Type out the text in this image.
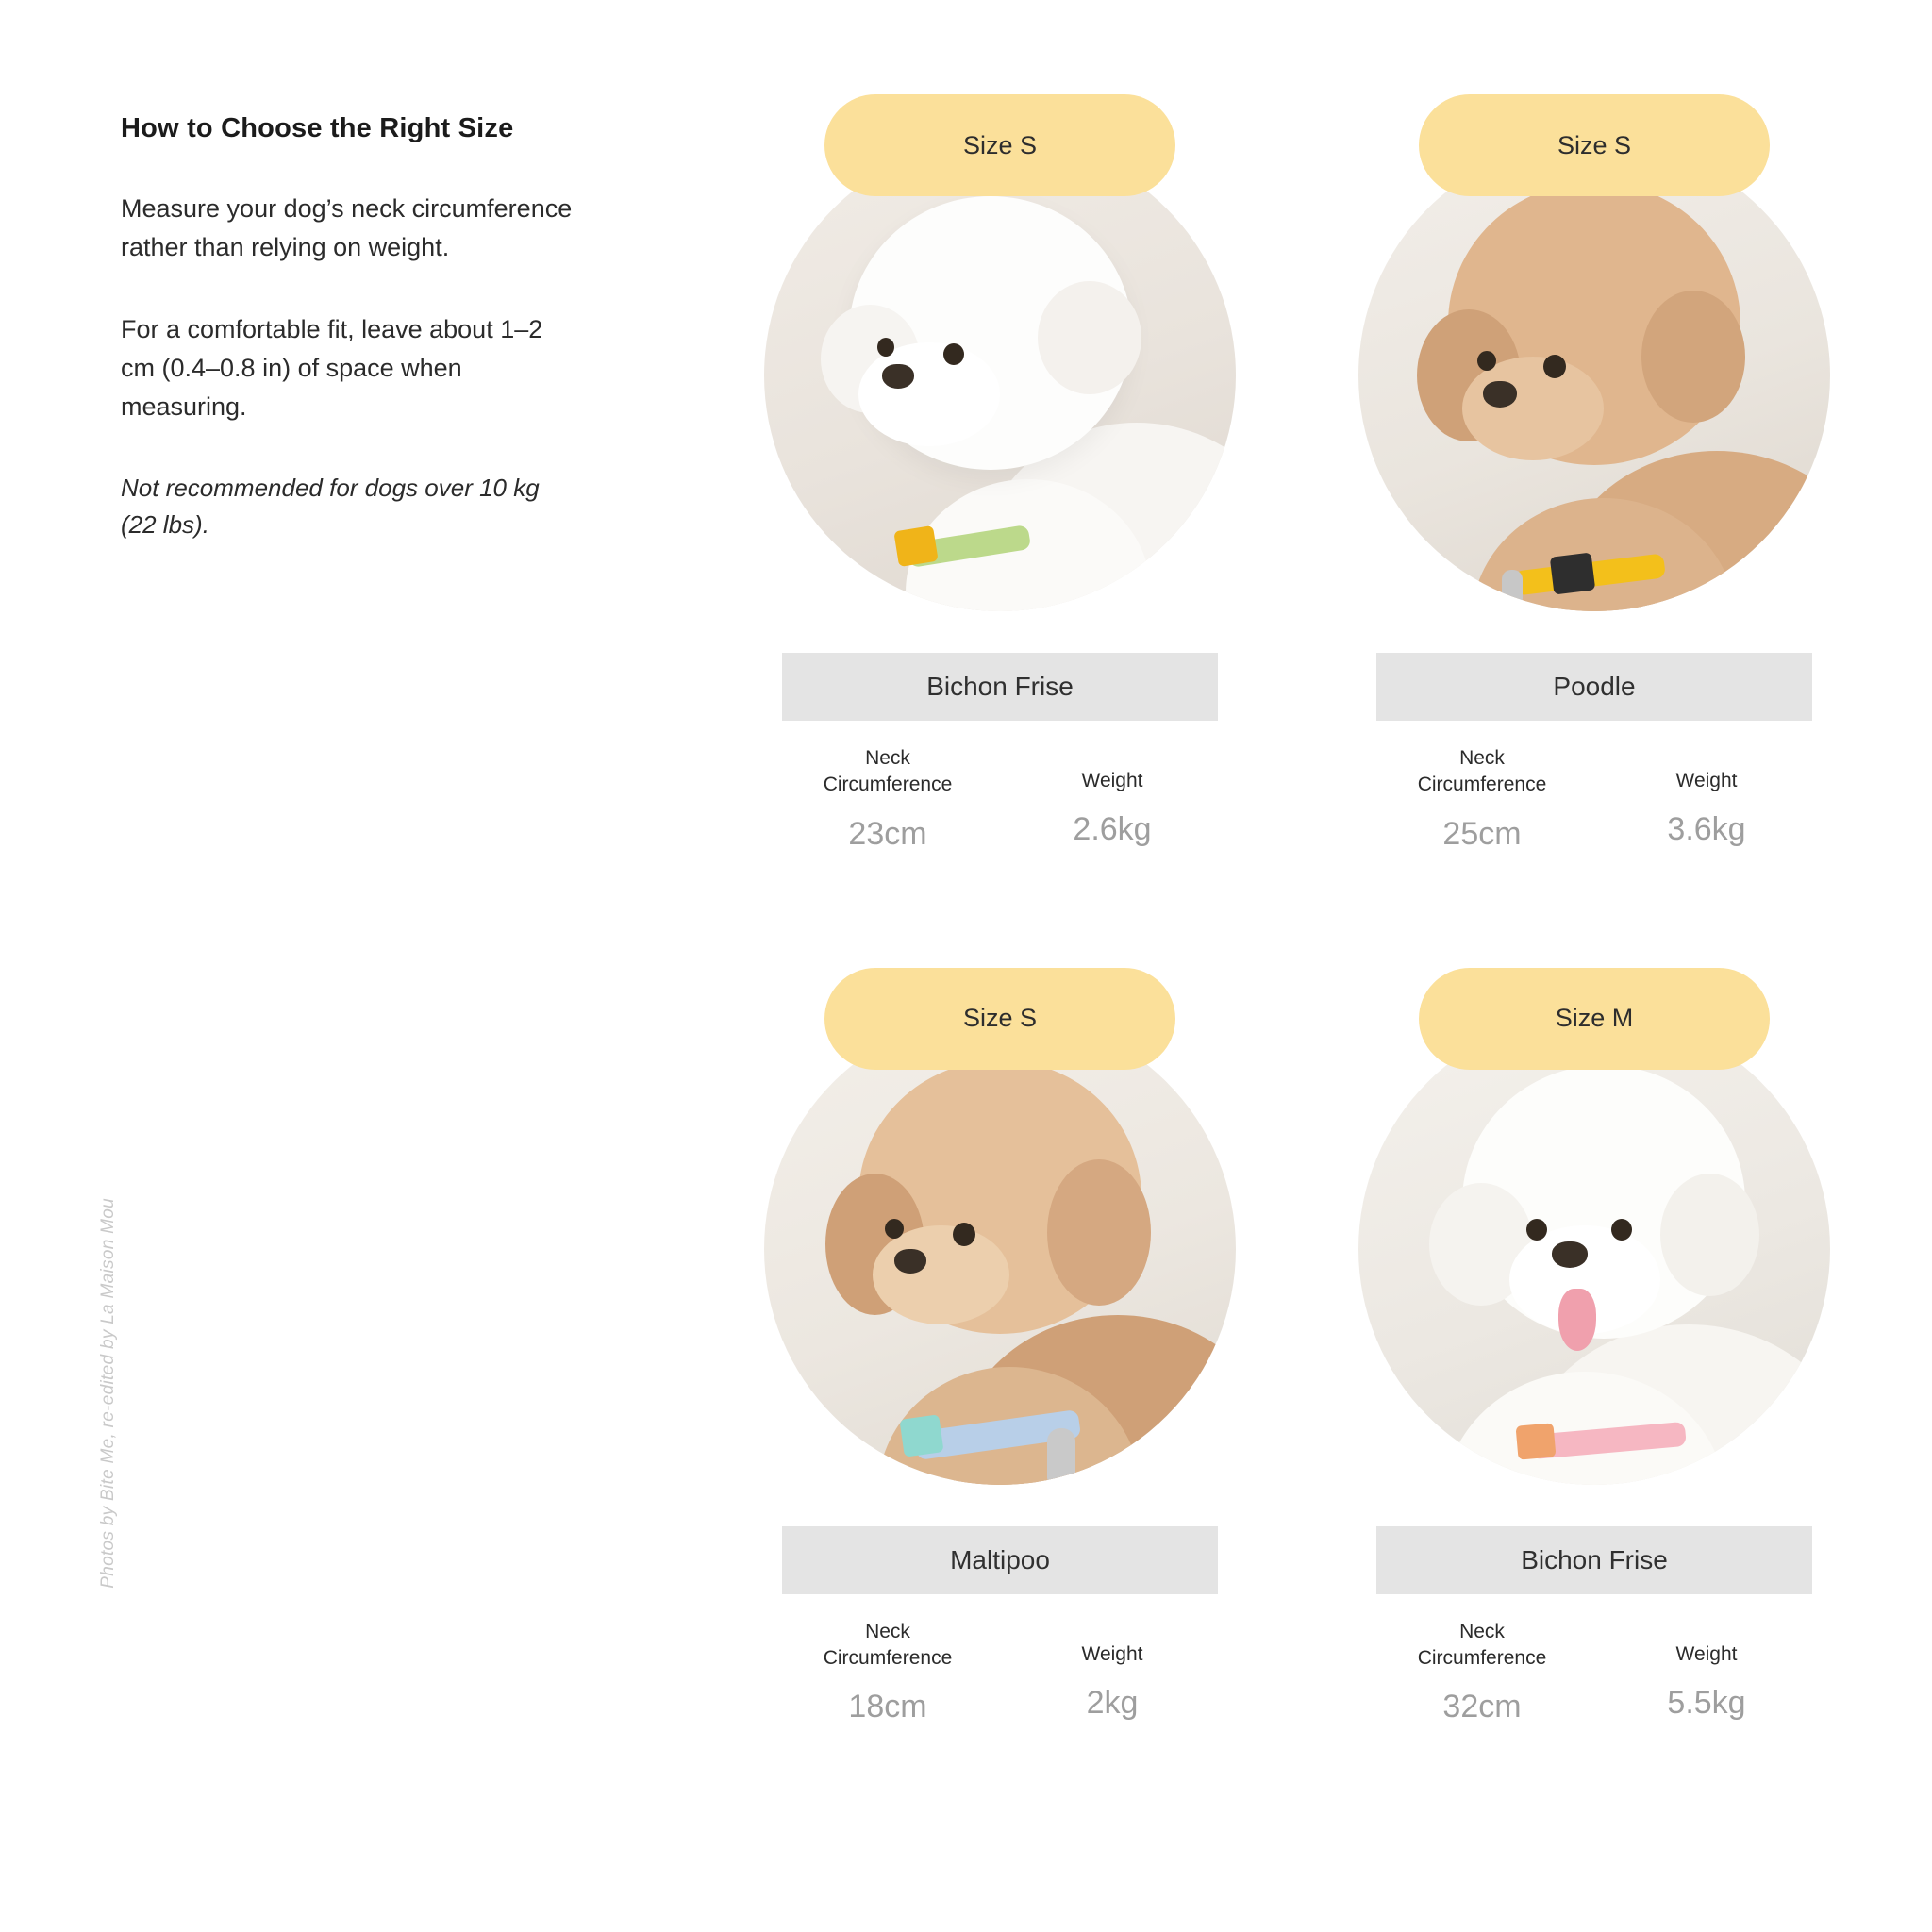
How to Choose the Right Size

Measure your dog’s neck circumference rather than relying on weight.

For a comfortable fit, leave about 1–2 cm (0.4–0.8 in) of space when measuring.

Not recommended for dogs over 10 kg (22 lbs).

Photos by Bite Me, re-edited by La Maison Mou
Size S
Bichon Frise
Neck
Circumference
23cm
Weight
2.6kg
Size S
Poodle
Neck
Circumference
25cm
Weight
3.6kg
Size S
Maltipoo
Neck
Circumference
18cm
Weight
2kg
Size M
Bichon Frise
Neck
Circumference
32cm
Weight
5.5kg
